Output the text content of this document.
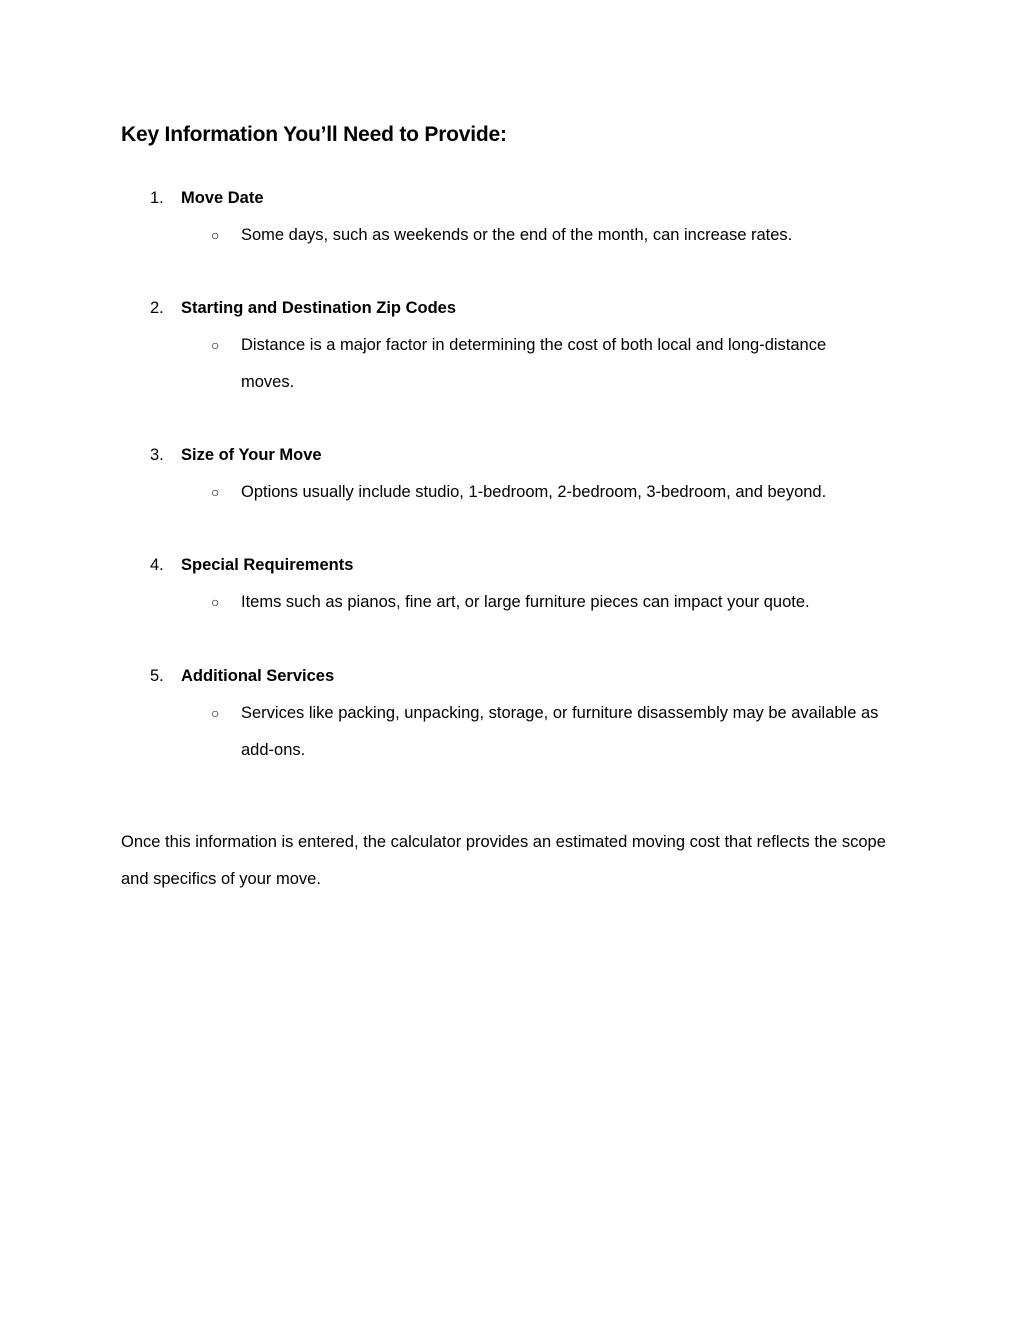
Key Information You’ll Need to Provide:
1.	Move Date
○ Some days, such as weekends or the end of the month, can increase rates.
2.	Starting and Destination Zip Codes
○ Distance is a major factor in determining the cost of both local and long-distance moves.
3.	Size of Your Move
○ Options usually include studio, 1-bedroom, 2-bedroom, 3-bedroom, and beyond.
4.	Special Requirements
○ Items such as pianos, fine art, or large furniture pieces can impact your quote.
5.	Additional Services
○ Services like packing, unpacking, storage, or furniture disassembly may be available as add-ons.

Once this information is entered, the calculator provides an estimated moving cost that reflects the scope and specifics of your move.
